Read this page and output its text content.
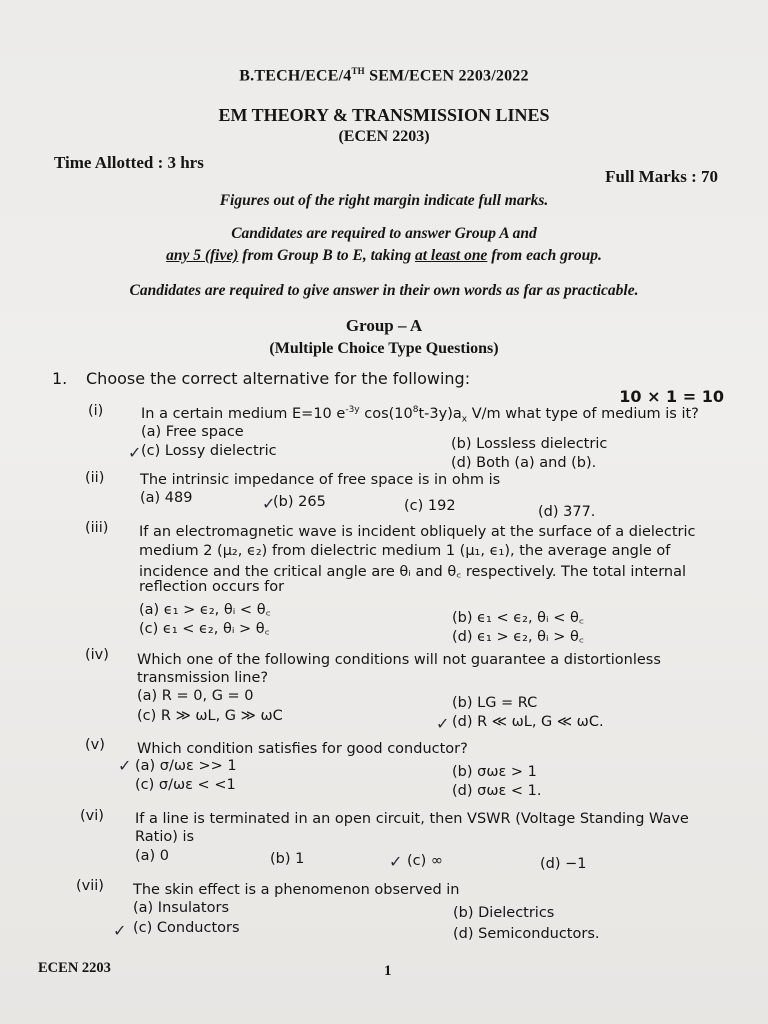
B.TECH/ECE/4TH SEM/ECEN 2203/2022
EM THEORY & TRANSMISSION LINES
(ECEN 2203)
Time Allotted : 3 hrs
Full Marks : 70
Figures out of the right margin indicate full marks.
Candidates are required to answer Group A and
any 5 (five) from Group B to E, taking at least one from each group.
Candidates are required to give answer in their own words as far as practicable.
Group – A
(Multiple Choice Type Questions)
1. Choose the correct alternative for the following:
10 × 1 = 10
(i)	In a certain medium E=10 $e^{-3y}$ $\cos(10^8t-3y)a_x$ V/m what type of medium is it?
(a) Free space
(b) Lossless dielectric
✓ (c) Lossy dielectric
(d) Both (a) and (b).
(ii) The intrinsic impedance of free space is in ohm is
(a) 489	✓
(b) 265	(c) 192	(d) 377.
(iii) If an electromagnetic wave is incident obliquely at the surface of a dielectric
medium 2 (μ₂, ϵ₂) from dielectric medium 1 (μ₁, ϵ₁), the average angle of
incidence and the critical angle are θᵢ and θ꜀ respectively. The total internal
reflection occurs for
(a) ϵ₁ > ϵ₂, θᵢ < θ꜀	(b) ϵ₁ < ϵ₂, θᵢ < θ꜀
(c) ϵ₁ < ϵ₂, θᵢ > θ꜀	(d) ϵ₁ > ϵ₂, θᵢ > θ꜀
(iv) Which one of the following conditions will not guarantee a distortionless
transmission line?
(a) R = 0, G = 0	(b) LG = RC
(c) R ≫ ωL, G ≫ ωC	✓ (d) R ≪ ωL, G ≪ ωC.
(v) Which condition satisfies for good conductor?
✓ (a) σ/ωε >> 1	(b) σωε > 1
(c) σ/ωε < <1	(d) σωε < 1.
(vi) If a line is terminated in an open circuit, then VSWR (Voltage Standing Wave
Ratio) is
(a) 0	(b) 1	✓ (c) ∞	(d) −1
(vii) The skin effect is a phenomenon observed in
(a) Insulators	(b) Dielectrics
✓ (c) Conductors	(d) Semiconductors.
ECEN 2203	1
